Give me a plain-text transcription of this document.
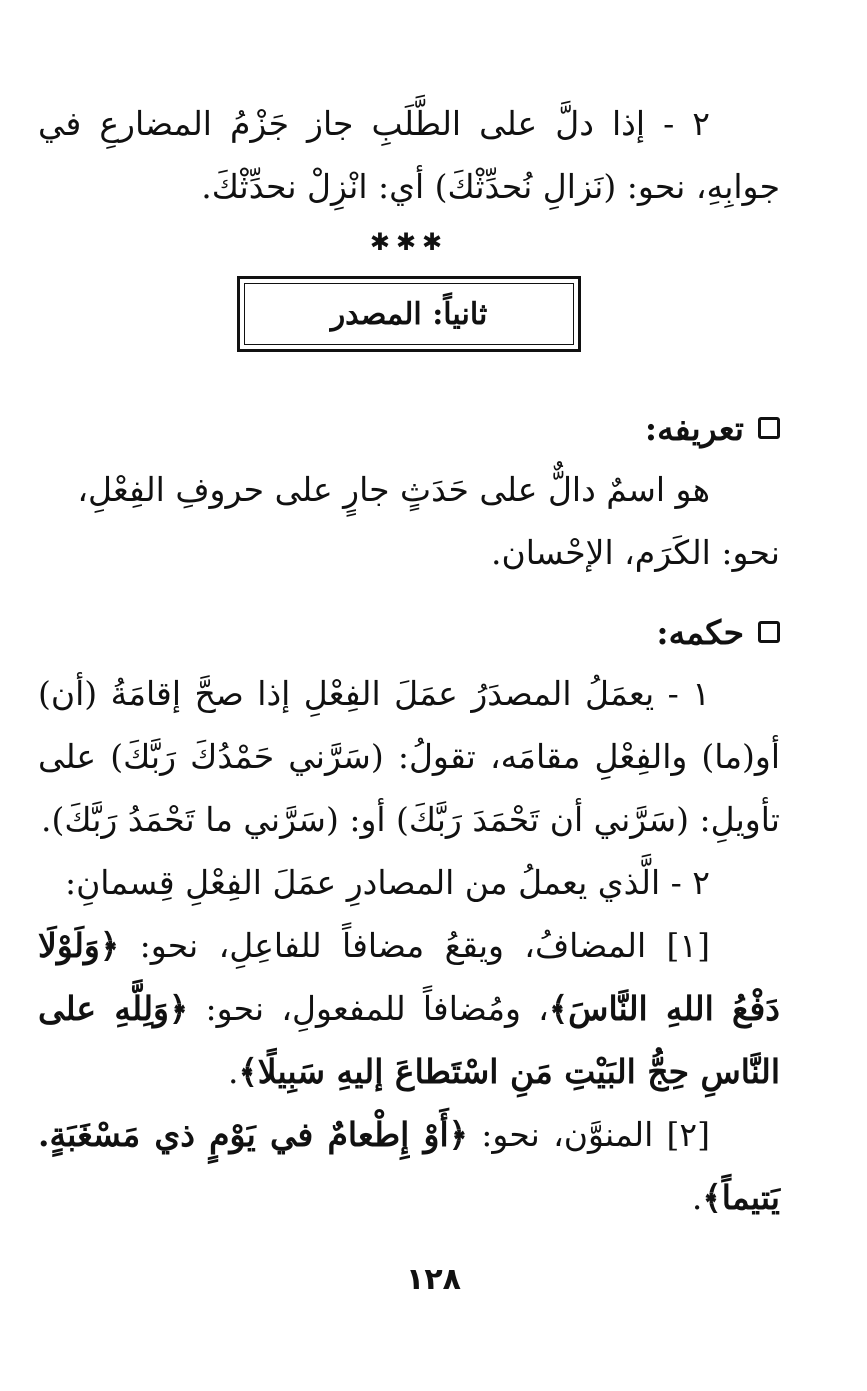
٢ - إذا دلَّ على الطَّلَبِ جاز جَزْمُ المضارعِ في جوابِهِ، نحو: (نَزالِ نُحدِّثْكَ) أي: انْزِلْ نحدِّثْكَ.

✱✱✱
ثانياً: المصدر
تعريفه:

هو اسمٌ دالٌّ على حَدَثٍ جارٍ على حروفِ الفِعْلِ،

نحو: الكَرَم، الإحْسان.

حكمه:

١ - يعمَلُ المصدَرُ عمَلَ الفِعْلِ إذا صحَّ إقامَةُ (أن) أو(ما) والفِعْلِ مقامَه، تقولُ: (سَرَّني حَمْدُكَ رَبَّكَ) على تأويلِ: (سَرَّني أن تَحْمَدَ رَبَّكَ) أو: (سَرَّني ما تَحْمَدُ رَبَّكَ).

٢ - الَّذي يعملُ من المصادرِ عمَلَ الفِعْلِ قِسمانِ:

[١] المضافُ، ويقعُ مضافاً للفاعِلِ، نحو: ﴿وَلَوْلَا دَفْعُ اللهِ النَّاسَ﴾، ومُضافاً للمفعولِ، نحو: ﴿وَلِلَّهِ على النَّاسِ حِجُّ البَيْتِ مَنِ اسْتَطاعَ إليهِ سَبِيلًا﴾.

[٢] المنوَّن، نحو: ﴿أَوْ إِطْعامٌ في يَوْمٍ ذي مَسْغَبَةٍ. يَتيماً﴾.

١٢٨
